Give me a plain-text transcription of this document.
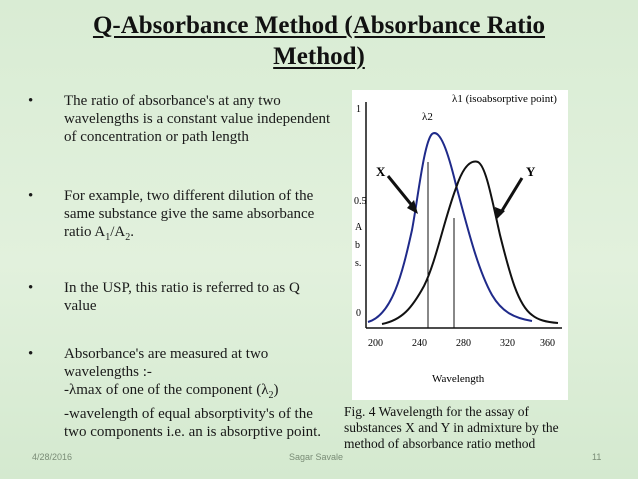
Q-Absorbance Method (Absorbance Ratio
Method)
• The ratio of absorbance's at any two wavelengths is a constant value independent of concentration or path length
• For example, two different dilution of the same substance give the same absorbance ratio $A_1/A_2$.
• In the USP, this ratio is referred to as Q value
• Absorbance's are measured at two wavelengths :-
-λmax of one of the component $(\lambda_2)$
-wavelength of equal absorptivity's of the two components i.e. an is absorptive point.
λ2
λ1 (isoabsorptive point)
X	Y
1
0.5
0
A
b
s.
200	240	280	320	360
Wavelength
Fig. 4 Wavelength for the assay of substances X and Y in admixture by the method of absorbance ratio method
4/28/2016	Sagar Savale	11
